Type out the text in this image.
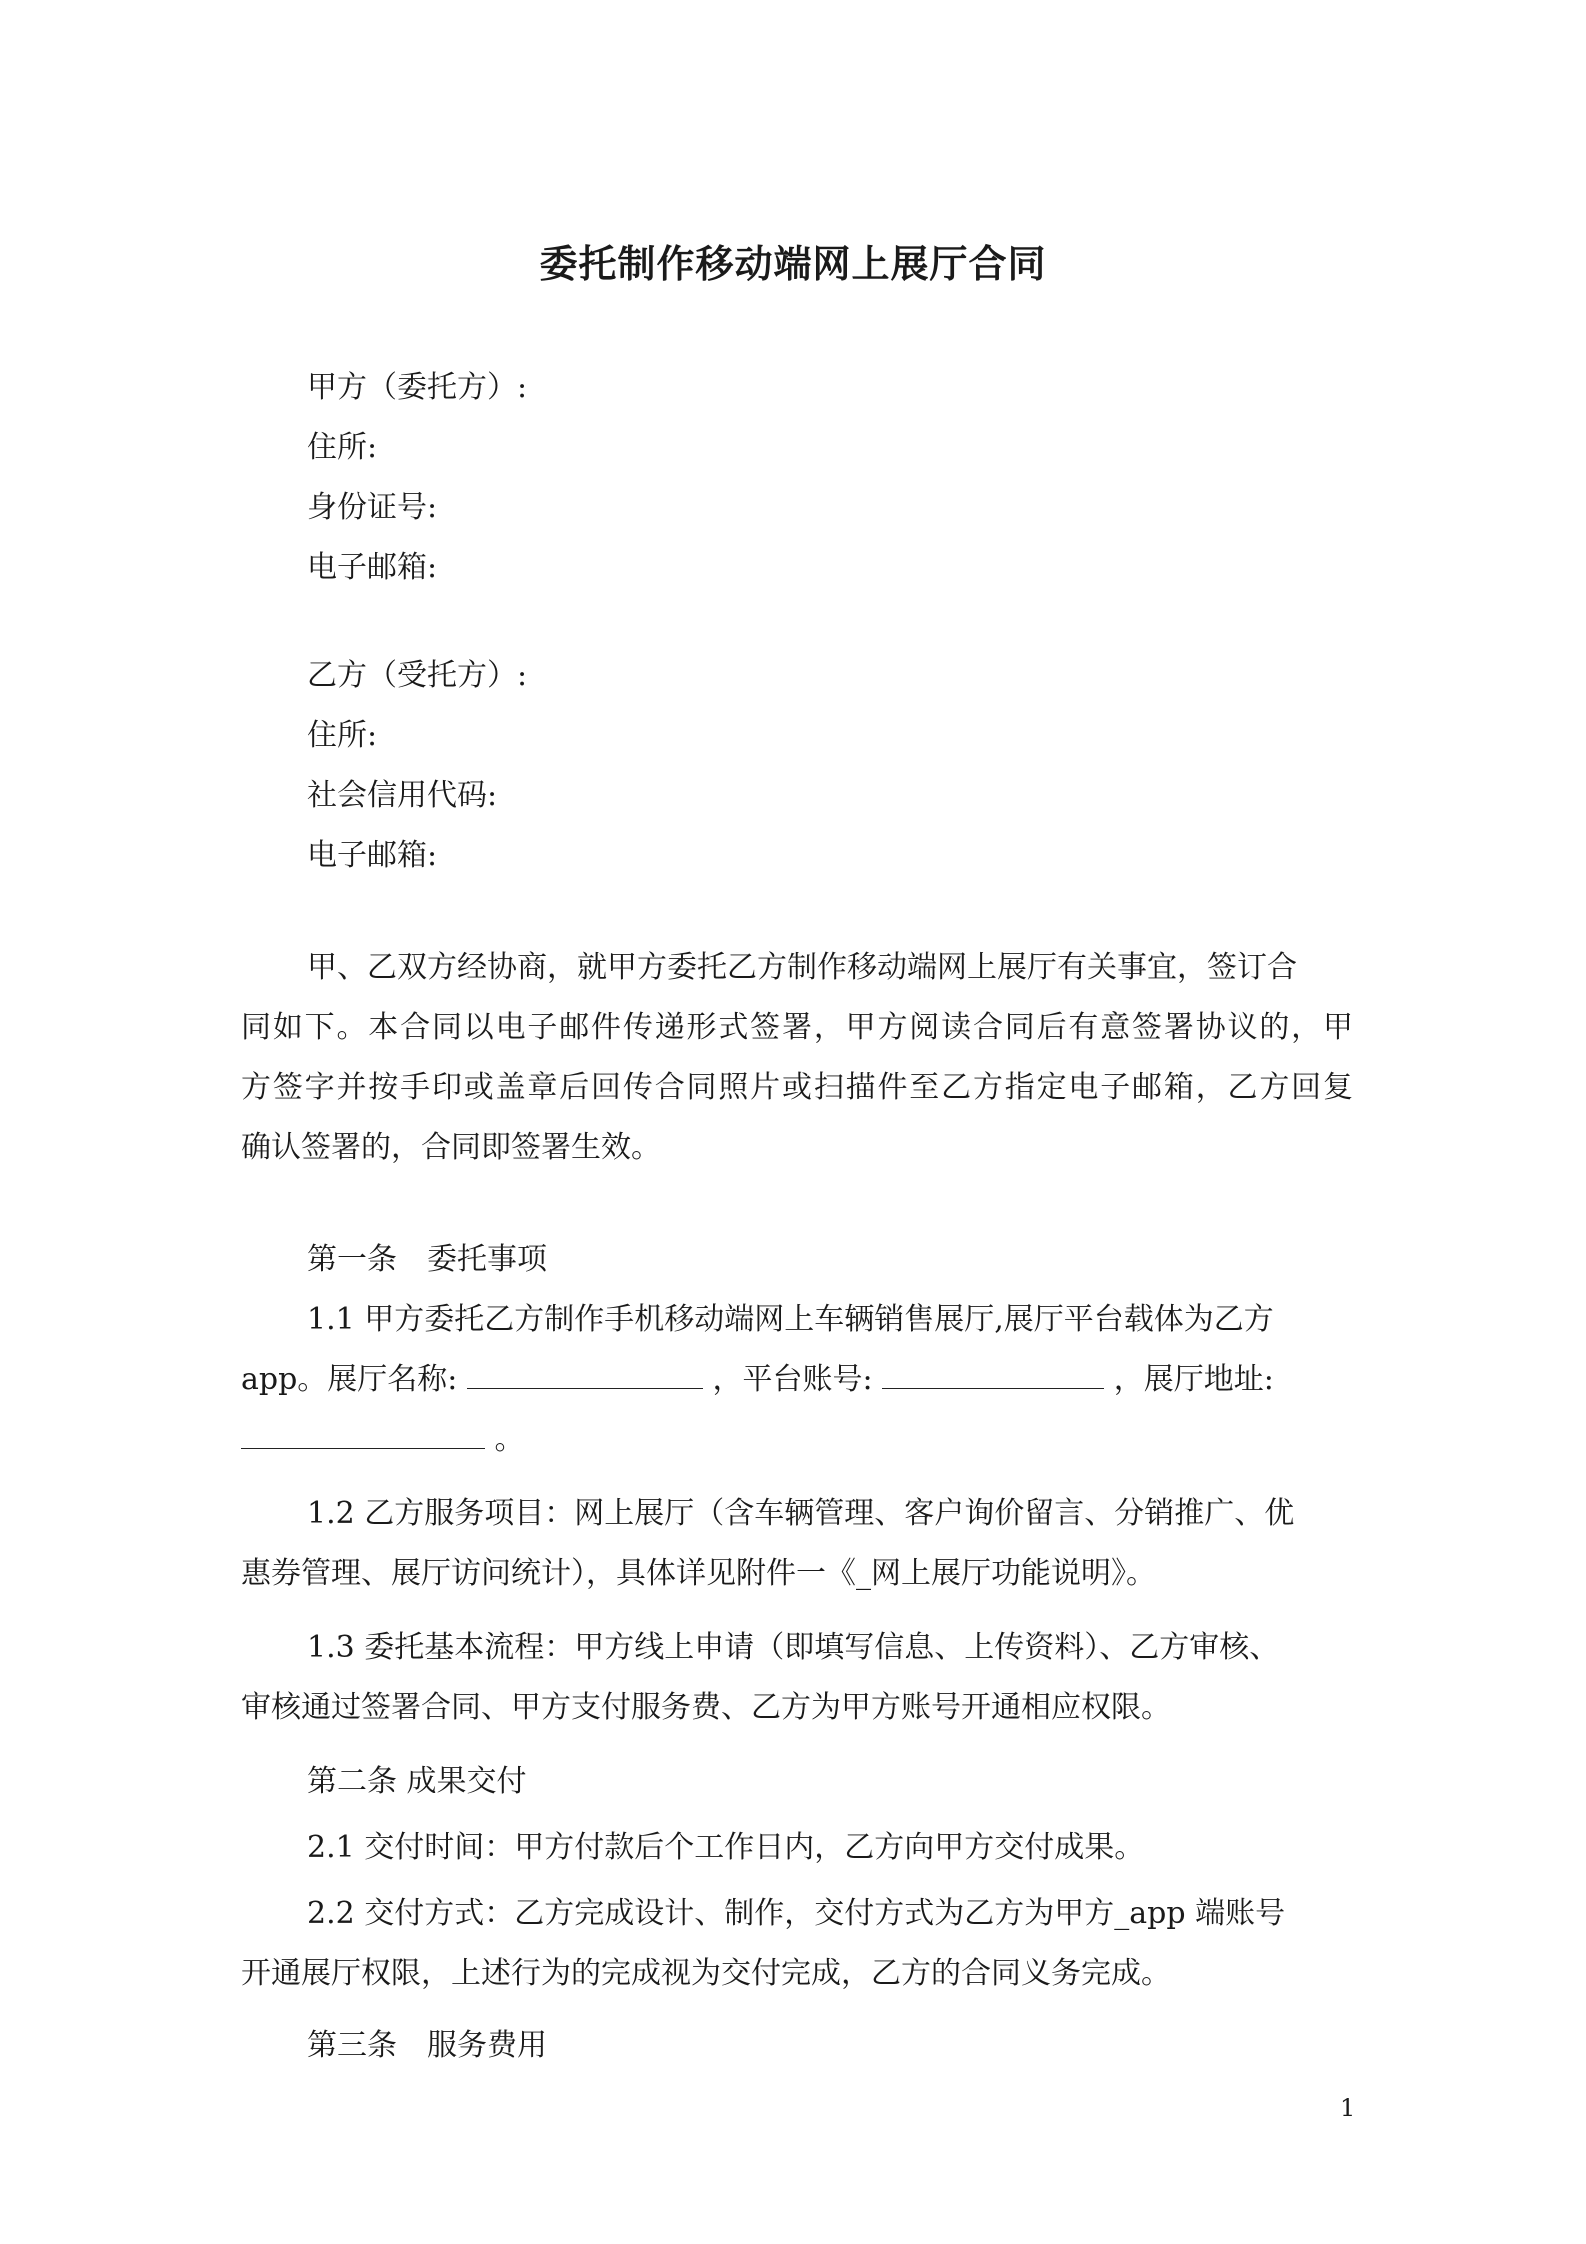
委托制作移动端网上展厅合同
甲方（委托方）:
住所:
身份证号:
电子邮箱:
乙方（受托方）:
住所:
社会信用代码:
电子邮箱:
甲、乙双方经协商，就甲方委托乙方制作移动端网上展厅有关事宜，签订合
同如下。本合同以电子邮件传递形式签署，甲方阅读合同后有意签署协议的，甲
方签字并按手印或盖章后回传合同照片或扫描件至乙方指定电子邮箱，乙方回复
确认签署的，合同即签署生效。
第一条　委托事项
1.1 甲方委托乙方制作手机移动端网上车辆销售展厅,展厅平台载体为乙方
app。展厅名称:	，平台账号:	，展厅地址:
。
1.2 乙方服务项目：网上展厅（含车辆管理、客户询价留言、分销推广、优
惠券管理、展厅访问统计），具体详见附件一《_网上展厅功能说明》。
1.3 委托基本流程：甲方线上申请（即填写信息、上传资料）、乙方审核、
审核通过签署合同、甲方支付服务费、乙方为甲方账号开通相应权限。
第二条 成果交付
2.1 交付时间：甲方付款后个工作日内，乙方向甲方交付成果。
2.2 交付方式：乙方完成设计、制作，交付方式为乙方为甲方_app 端账号
开通展厅权限，上述行为的完成视为交付完成，乙方的合同义务完成。
第三条　服务费用
1
